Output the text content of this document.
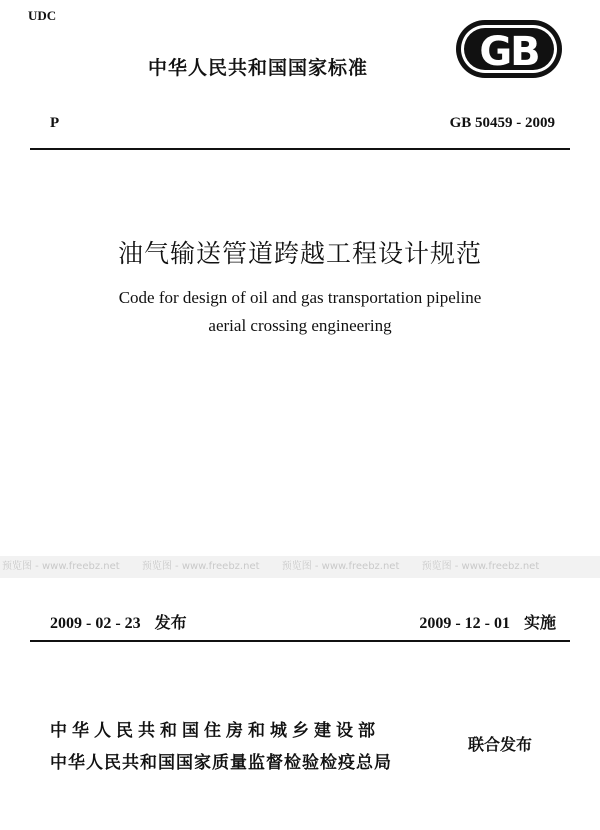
UDC
中华人民共和国国家标准	GB
P	GB 50459 - 2009
油气输送管道跨越工程设计规范
Code for design of oil and gas transportation pipeline
aerial crossing engineering
预览图 - www.freebz.net 预览图 - www.freebz.net 预览图 - www.freebz.net 预览图 - www.freebz.net
2009 - 02 - 23 发布	2009 - 12 - 01 实施
中华人民共和国住房和城乡建设部
中华人民共和国国家质量监督检验检疫总局
联合发布
